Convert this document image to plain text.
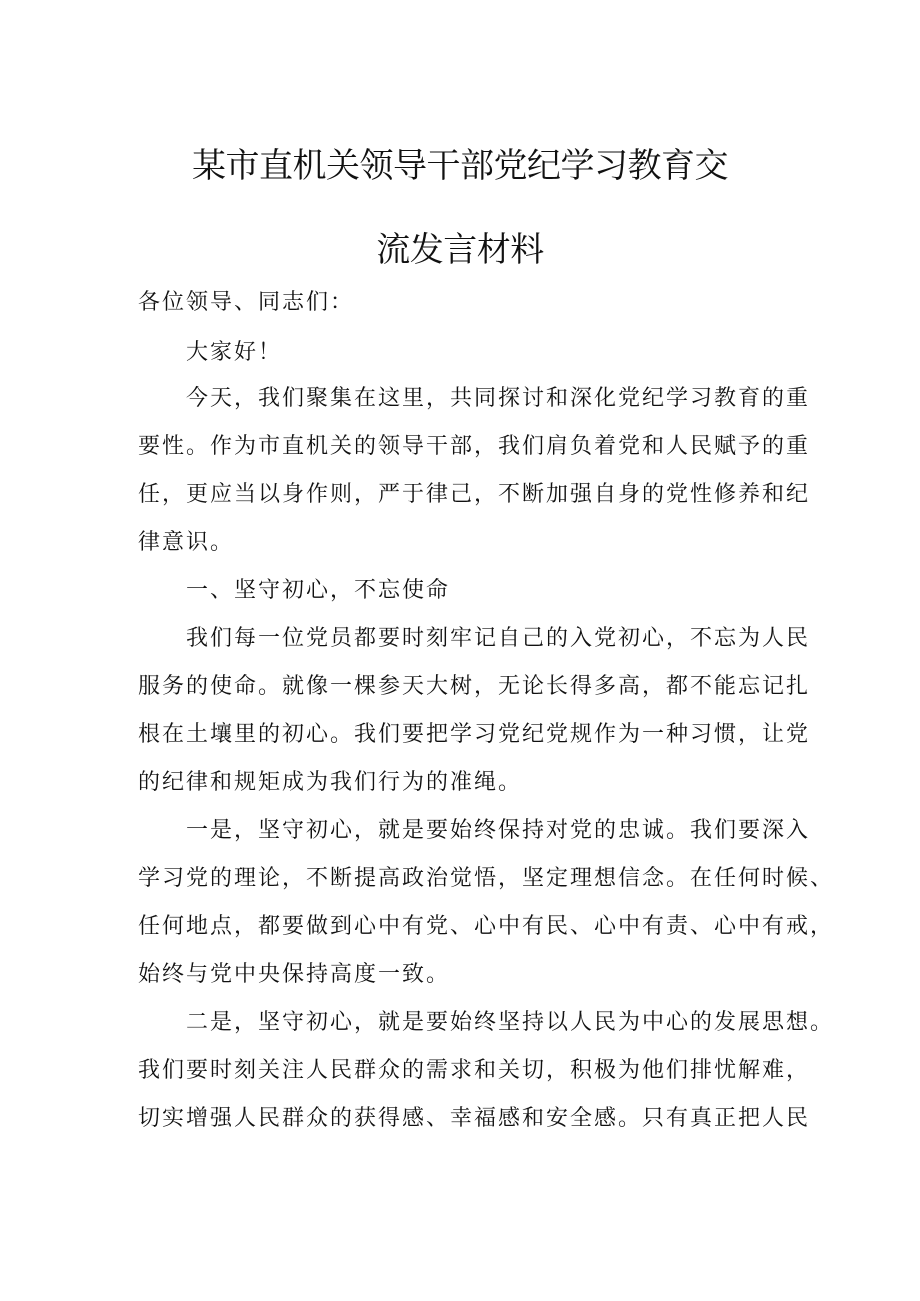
某市直机关领导干部党纪学习教育交
流发言材料
各位领导、同志们：
大家好！
今天，我们聚集在这里，共同探讨和深化党纪学习教育的重
要性。作为市直机关的领导干部，我们肩负着党和人民赋予的重
任，更应当以身作则，严于律己，不断加强自身的党性修养和纪
律意识。
一、坚守初心，不忘使命
我们每一位党员都要时刻牢记自己的入党初心，不忘为人民
服务的使命。就像一棵参天大树，无论长得多高，都不能忘记扎
根在土壤里的初心。我们要把学习党纪党规作为一种习惯，让党
的纪律和规矩成为我们行为的准绳。
一是，坚守初心，就是要始终保持对党的忠诚。我们要深入
学习党的理论，不断提高政治觉悟，坚定理想信念。在任何时候、
任何地点，都要做到心中有党、心中有民、心中有责、心中有戒，
始终与党中央保持高度一致。
二是，坚守初心，就是要始终坚持以人民为中心的发展思想。
我们要时刻关注人民群众的需求和关切，积极为他们排忧解难，
切实增强人民群众的获得感、幸福感和安全感。只有真正把人民
